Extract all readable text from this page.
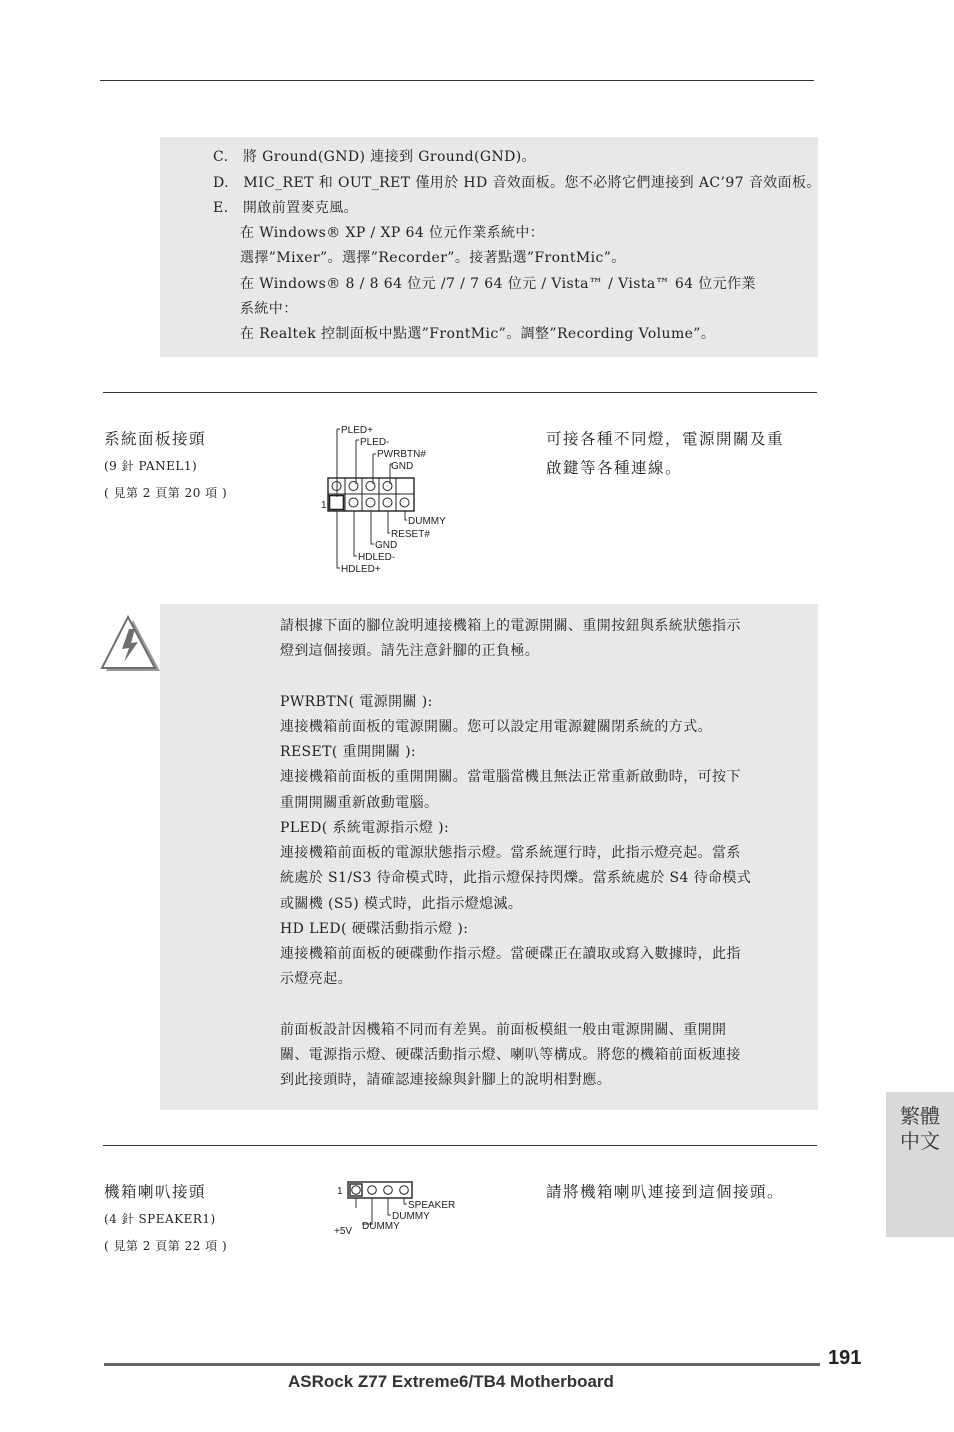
C.　將 Ground(GND) 連接到 Ground(GND)。
D.　MIC_RET 和 OUT_RET 僅用於 HD 音效面板。您不必將它們連接到 AC’97 音效面板。
E.　開啟前置麥克風。
在 Windows® XP / XP 64 位元作業系統中：
選擇”Mixer”。選擇”Recorder”。接著點選”FrontMic”。
在 Windows® 8 / 8 64 位元 /7 / 7 64 位元 / Vista™ / Vista™ 64 位元作業
系統中：
在 Realtek 控制面板中點選”FrontMic”。調整”Recording Volume”。
系統面板接頭
(9 針 PANEL1)
( 見第 2 頁第 20 項 )
可接各種不同燈，電源開關及重
啟鍵等各種連線。
PLED+
PLED-
PWRBTN#
GND
1
DUMMY
RESET#
GND
HDLED-
HDLED+
請根據下面的腳位說明連接機箱上的電源開關、重開按鈕與系統狀態指示
燈到這個接頭。請先注意針腳的正負極。
PWRBTN( 電源開關 ):
連接機箱前面板的電源開關。您可以設定用電源鍵關閉系統的方式。
RESET( 重開開關 ):
連接機箱前面板的重開開關。當電腦當機且無法正常重新啟動時，可按下
重開開關重新啟動電腦。
PLED( 系統電源指示燈 ):
連接機箱前面板的電源狀態指示燈。當系統運行時，此指示燈亮起。當系
統處於 S1/S3 待命模式時，此指示燈保持閃爍。當系統處於 S4 待命模式
或關機 (S5) 模式時，此指示燈熄滅。
HD LED( 硬碟活動指示燈 ):
連接機箱前面板的硬碟動作指示燈。當硬碟正在讀取或寫入數據時，此指
示燈亮起。
前面板設計因機箱不同而有差異。前面板模組一般由電源開關、重開開
關、電源指示燈、硬碟活動指示燈、喇叭等構成。將您的機箱前面板連接
到此接頭時，請確認連接線與針腳上的說明相對應。
機箱喇叭接頭
(4 針 SPEAKER1)
( 見第 2 頁第 22 項 )
請將機箱喇叭連接到這個接頭。
1
SPEAKER
DUMMY
+5V DUMMY
繁體中文
191
ASRock Z77 Extreme6/TB4 Motherboard
